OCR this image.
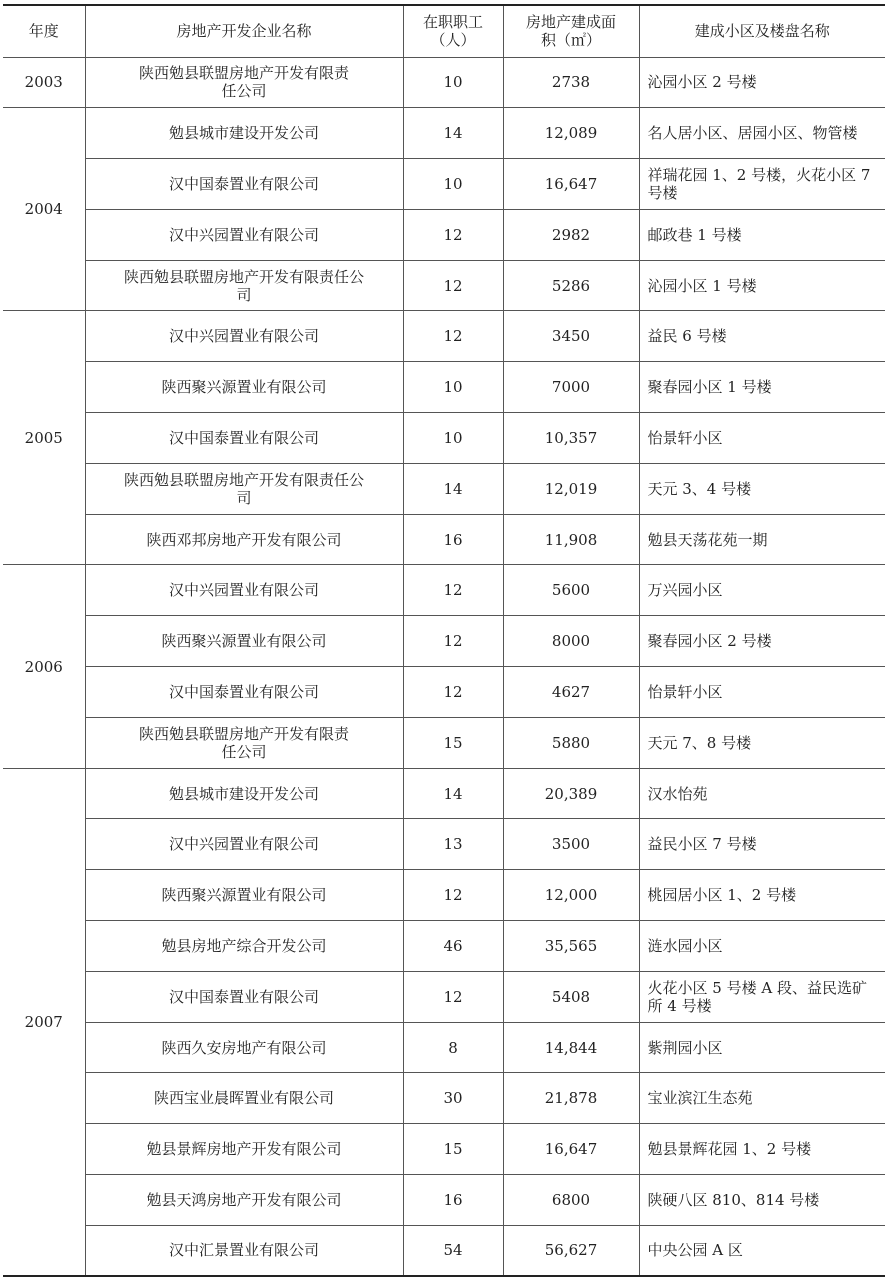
年度	房地产开发企业名称	在职职工（人）	房地产建成面积（㎡）	建成小区及楼盘名称
2003	陕西勉县联盟房地产开发有限责任公司	10	2738	沁园小区 2 号楼
2004	勉县城市建设开发公司	14	12,089	名人居小区、居园小区、物管楼
	汉中国泰置业有限公司	10	16,647	祥瑞花园 1、2 号楼，火花小区 7 号楼
	汉中兴园置业有限公司	12	2982	邮政巷 1 号楼
	陕西勉县联盟房地产开发有限责任公司	12	5286	沁园小区 1 号楼
2005	汉中兴园置业有限公司	12	3450	益民 6 号楼
	陕西聚兴源置业有限公司	10	7000	聚春园小区 1 号楼
	汉中国泰置业有限公司	10	10,357	怡景轩小区
	陕西勉县联盟房地产开发有限责任公司	14	12,019	天元 3、4 号楼
	陕西邓邦房地产开发有限公司	16	11,908	勉县天荡花苑一期
2006	汉中兴园置业有限公司	12	5600	万兴园小区
	陕西聚兴源置业有限公司	12	8000	聚春园小区 2 号楼
	汉中国泰置业有限公司	12	4627	怡景轩小区
	陕西勉县联盟房地产开发有限责任公司	15	5880	天元 7、8 号楼
2007	勉县城市建设开发公司	14	20,389	汉水怡苑
	汉中兴园置业有限公司	13	3500	益民小区 7 号楼
	陕西聚兴源置业有限公司	12	12,000	桃园居小区 1、2 号楼
	勉县房地产综合开发公司	46	35,565	涟水园小区
	汉中国泰置业有限公司	12	5408	火花小区 5 号楼 A 段、益民选矿所 4 号楼
	陕西久安房地产有限公司	8	14,844	紫荆园小区
	陕西宝业晨晖置业有限公司	30	21,878	宝业滨江生态苑
	勉县景辉房地产开发有限公司	15	16,647	勉县景辉花园 1、2 号楼
	勉县天鸿房地产开发有限公司	16	6800	陕硬八区 810、814 号楼
	汉中汇景置业有限公司	54	56,627	中央公园 A 区
